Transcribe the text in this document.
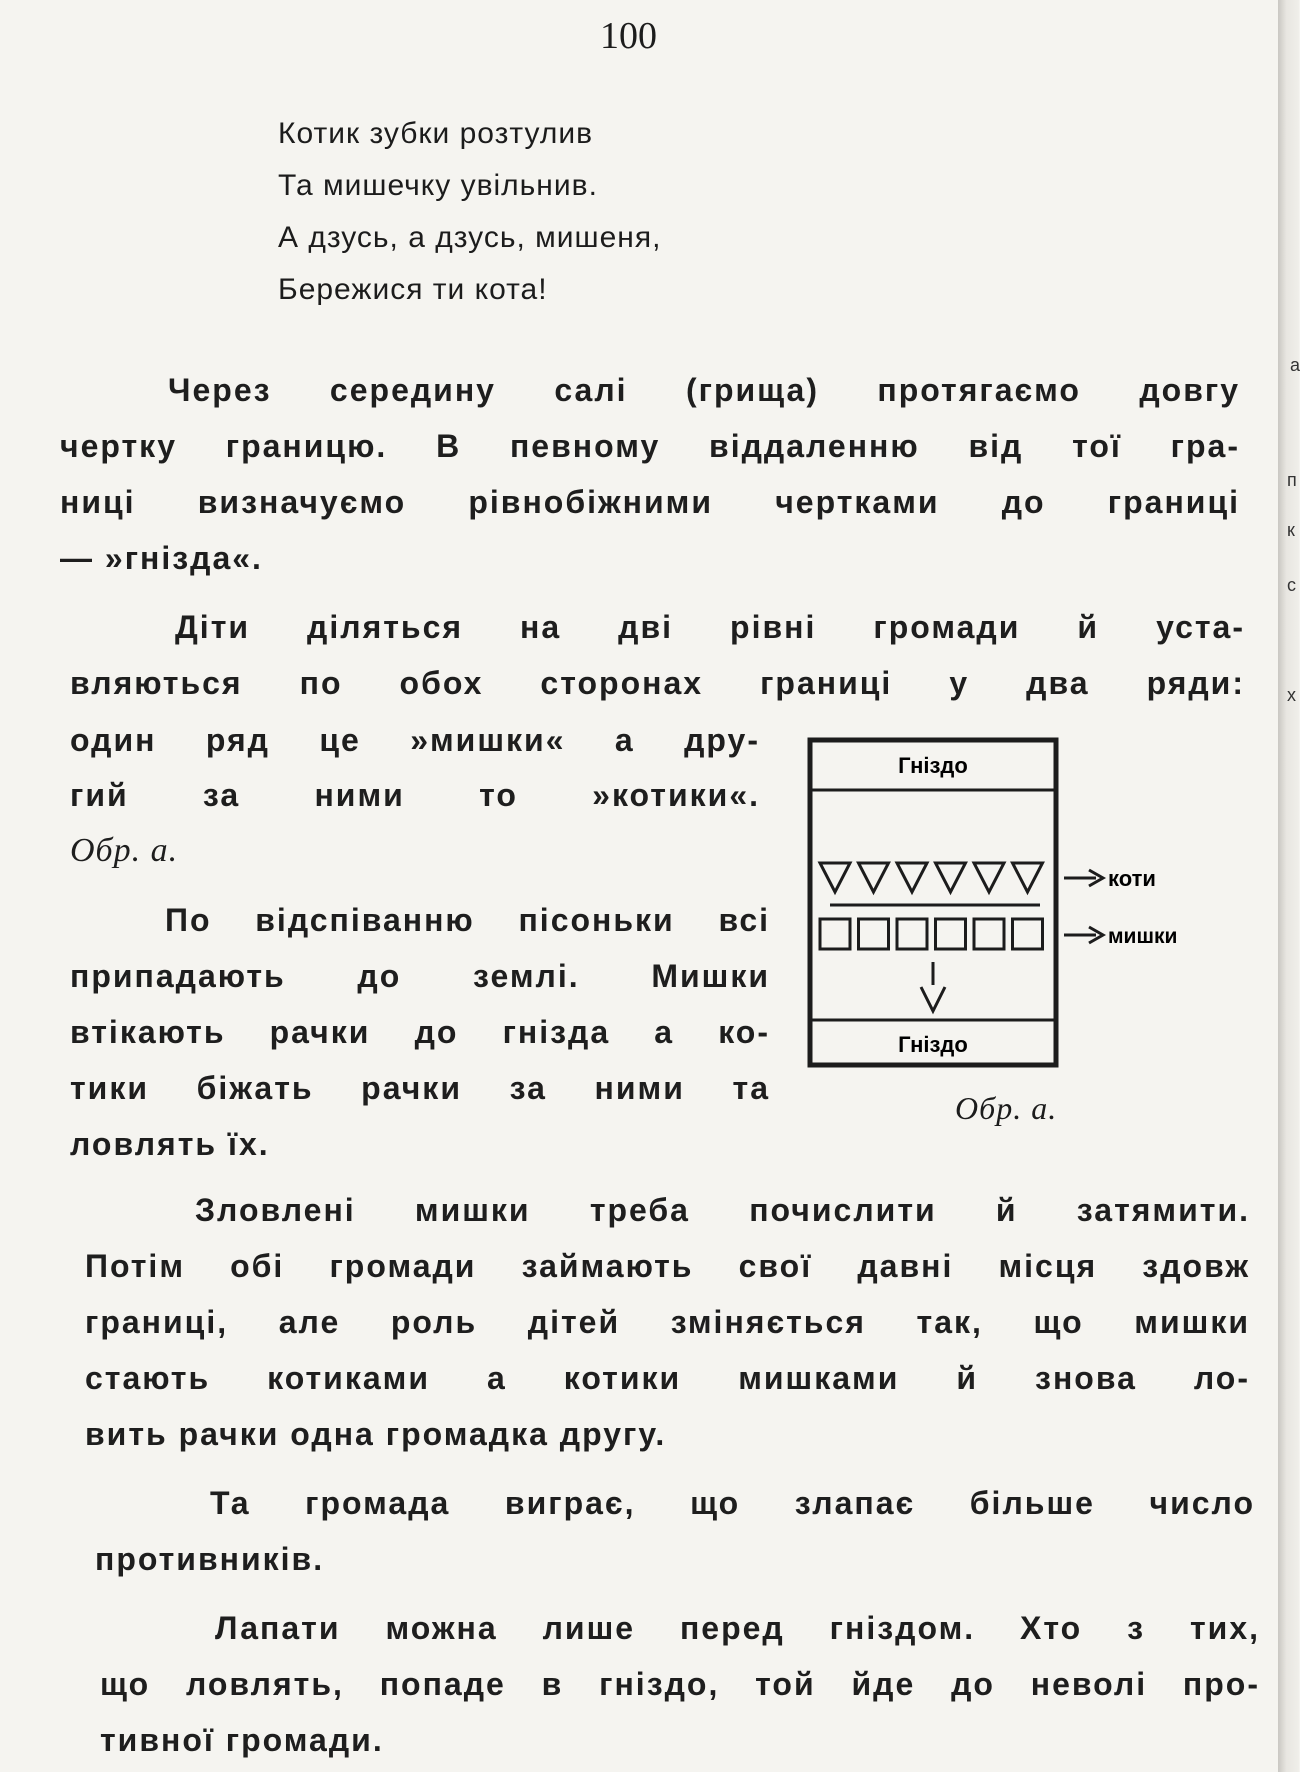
а
п
к
с
х
100
Котик зубки розтулив
Та мишечку увільнив.
А дзусь, а дзусь, мишеня,
Бережися ти кота!
Через середину салі (грища) протягаємо довгу
чертку границю. В певному віддаленню від тої гра-
ниці визначуємо рівнобіжними чертками до границі
— »гнізда«.
Діти діляться на дві рівні громади й уста-
вляються по обох сторонах границі у два ряди:
один ряд це »мишки« а дру-
гий за ними то »котики«.
Обр. а.
По відспіванню пісоньки всі
припадають до землі. Мишки
втікають рачки до гнізда а ко-
тики біжать рачки за ними та
ловлять їх.
Гніздо
Гніздо
коти
мишки
Обр. а.
Зловлені мишки треба почислити й затямити.
Потім обі громади займають свої давні місця здовж
границі, але роль дітей зміняється так, що мишки
стають котиками а котики мишками й знова ло-
вить рачки одна громадка другу.
Та громада виграє, що злапає більше число
противників.
Лапати можна лише перед гніздом. Хто з тих,
що ловлять, попаде в гніздо, той йде до неволі про-
тивної громади.
